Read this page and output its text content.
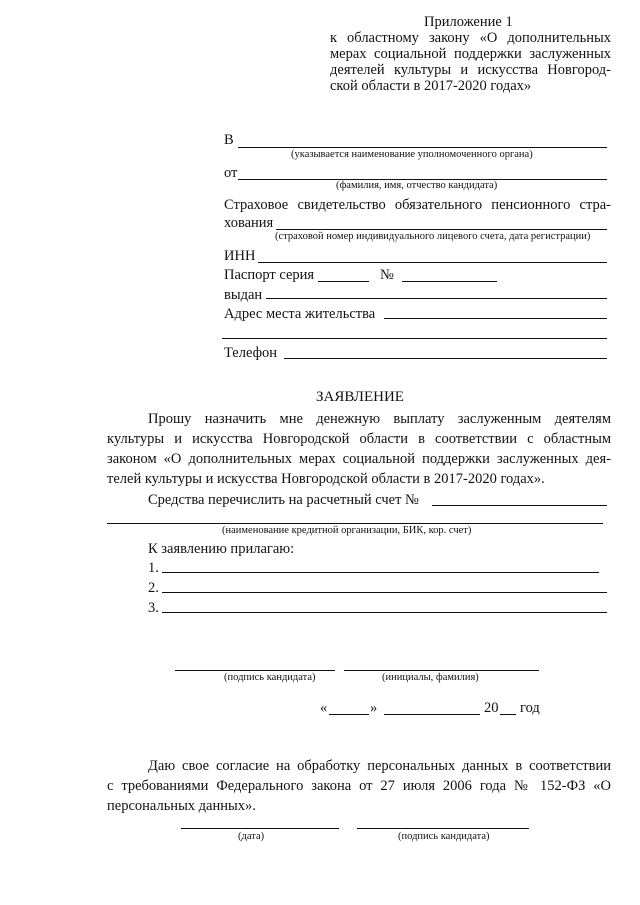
Приложение 1
к областному закону «О дополнительных
мерах социальной поддержки заслуженных
деятелей культуры и искусства Новгород-
ской области в 2017-2020 годах»
В
(указывается наименование уполномоченного органа)
от
(фамилия, имя, отчество кандидата)
Страховое свидетельство обязательного пенсионного стра-
хования
(страховой номер индивидуального лицевого счета, дата регистрации)
ИНН
Паспорт серия	№
выдан
Адрес места жительства
Телефон
ЗАЯВЛЕНИЕ
Прошу назначить мне денежную выплату заслуженным деятелям
культуры и искусства Новгородской области в соответствии с областным
законом «О дополнительных мерах социальной поддержки заслуженных дея-
телей культуры и искусства Новгородской области в 2017-2020 годах».
Средства перечислить на расчетный счет №
(наименование кредитной организации, БИК, кор. счет)
К заявлению прилагаю:
1.
2.
3.
(подпись кандидата)	(инициалы, фамилия)
«	»	20 год
Даю свое согласие на обработку персональных данных в соответствии
с требованиями Федерального закона от 27 июля 2006 года № 152-ФЗ «О
персональных данных».
(дата)	(подпись кандидата)
